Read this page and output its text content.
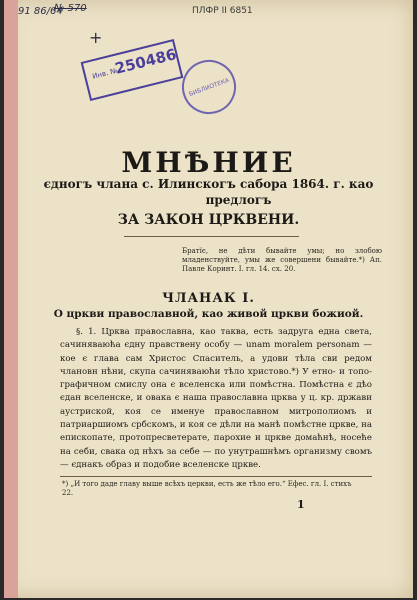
91 86/64
№ 570	ПЛФР II 6851
+
Инв. №
250486
БИБЛИОТЕКА
МНѢНИЕ
єдногъ члана с. Илинскогъ сабора 1864. г. као
предлогъ
ЗА ЗАКОН ЦРКВЕНИ.
Братїє, не дѣти бывайте умы; но злобою младенствуйте, умы же совершени бывайте.*) Ап. Павле Коринт. I. гл. 14. сх. 20.
ЧЛАНАК I.
О цркви православной, као живой цркви божиой.

§. 1. Црква православна, као таква, есть задруга една света, сачиняваюћа єдну правствену особу — unam moralem personam — кое є глава сам Христос Спаситель, а удови тѣла сви редом члановн нѣни, скупа сачиняваюћи тѣло христово.*) У етно- и топо-графичном смислу она є вселенска или помѣстна. Помѣстна є дѣо єдан вселенске, и овака є наша православна црква у ц. кр. држави аустриской, коя се именуе православном митрополиомъ и патриаршиомъ србскомъ, и коя се дѣли на манѣ помѣстне цркве, на епископате, протопресветерате, парохие и цркве домаћнѣ, носеће на себи, свака од нѣхъ за себе — по унутрашнѣмъ организму свомъ — єднакъ образ и подобие вселенске цркве.

*) „И того даде главу выше всѣхъ церкви, есть же тѣло его.“ Ефес. гл. I. стихъ 22.
1
